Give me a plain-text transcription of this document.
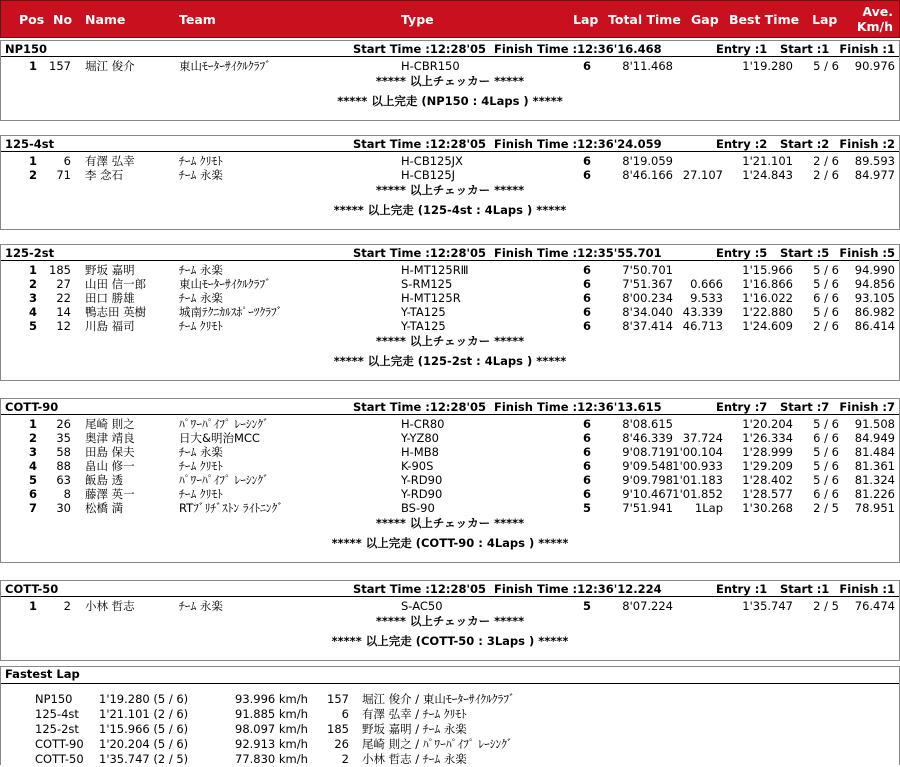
Pos No Name	Team	Type	Lap Total Time Gap Best Time Lap
Ave.
Km/h
NP150	Start Time :12:28'05 Finish Time :12:36'16.468	Entry :1 Start :1 Finish :1
1 157 堀江 俊介	東山ﾓｰﾀｰｻｲｸﾙｸﾗﾌﾞ	H-CBR150	6	8'11.468	1'19.280 5 / 6 90.976
***** 以上チェッカー *****
***** 以上完走 (NP150 : 4Laps ) *****
125-4st	Start Time :12:28'05 Finish Time :12:36'24.059	Entry :2 Start :2 Finish :2
1 6 有澤 弘幸	ﾁｰﾑ ｸﾘﾓﾄ	H-CB125JX	6	8'19.059	1'21.101 2 / 6 89.593
2 71 李 念石	ﾁｰﾑ 永楽	H-CB125J	6	8'46.166 27.107 1'24.843 2 / 6 84.977
***** 以上チェッカー *****
***** 以上完走 (125-4st : 4Laps ) *****
125-2st	Start Time :12:28'05 Finish Time :12:35'55.701	Entry :5 Start :5 Finish :5
1 185 野坂 嘉明	ﾁｰﾑ 永楽	H-MT125RⅢ	6	7'50.701	1'15.966 5 / 6 94.990
2 27 山田 信一郎	東山ﾓｰﾀｰｻｲｸﾙｸﾗﾌﾞ	S-RM125	6	7'51.367 0.666 1'16.866 5 / 6 94.856
3 22 田口 勝雄	ﾁｰﾑ 永楽	H-MT125R	6	8'00.234 9.533 1'16.022 6 / 6 93.105
4 14 鴨志田 英樹	城南ﾃｸﾆｶﾙｽﾎﾟｰﾂｸﾗﾌﾞ	Y-TA125	6	8'34.040 43.339 1'22.880 5 / 6 86.982
5 12 川島 福司	ﾁｰﾑ ｸﾘﾓﾄ	Y-TA125	6	8'37.414 46.713 1'24.609 2 / 6 86.414
***** 以上チェッカー *****
***** 以上完走 (125-2st : 4Laps ) *****
COTT-90	Start Time :12:28'05 Finish Time :12:36'13.615	Entry :7 Start :7 Finish :7
1 26 尾崎 則之	ﾊﾟﾜｰﾊﾟｲﾌﾟ ﾚｰｼﾝｸﾞ	H-CR80	6	8'08.615	1'20.204 5 / 6 91.508
2 35 奥津 靖良	日大&明治MCC	Y-YZ80	6	8'46.339 37.724 1'26.334 6 / 6 84.949
3 58 田島 保夫	ﾁｰﾑ 永楽	H-MB8	6	9'08.719 1'00.104 1'28.999 5 / 6 81.484
4 88 畠山 修一	ﾁｰﾑ ｸﾘﾓﾄ	K-90S	6	9'09.548 1'00.933 1'29.209 5 / 6 81.361
5 63 飯島 透	ﾊﾟﾜｰﾊﾟｲﾌﾟ ﾚｰｼﾝｸﾞ	Y-RD90	6	9'09.798 1'01.183 1'28.402 5 / 6 81.324
6 8 藤澤 英一	ﾁｰﾑ ｸﾘﾓﾄ	Y-RD90	6	9'10.467 1'01.852 1'28.577 6 / 6 81.226
7 30 松橋 満	RTﾌﾞﾘﾁﾞｽﾄﾝ ﾗｲﾄﾆﾝｸﾞ	BS-90	5	7'51.941 1Lap 1'30.268 2 / 5 78.951
***** 以上チェッカー *****
***** 以上完走 (COTT-90 : 4Laps ) *****
COTT-50	Start Time :12:28'05 Finish Time :12:36'12.224	Entry :1 Start :1 Finish :1
1 2 小林 哲志	ﾁｰﾑ 永楽	S-AC50	5	8'07.224	1'35.747 2 / 5 76.474
***** 以上チェッカー *****
***** 以上完走 (COTT-50 : 3Laps ) *****
Fastest Lap
NP150 1'19.280 (5 / 6)	93.996 km/h 157 堀江 俊介 / 東山ﾓｰﾀｰｻｲｸﾙｸﾗﾌﾞ
125-4st 1'21.101 (2 / 6)	91.885 km/h	6 有澤 弘幸 / ﾁｰﾑ ｸﾘﾓﾄ
125-2st 1'15.966 (5 / 6)	98.097 km/h 185 野坂 嘉明 / ﾁｰﾑ 永楽
COTT-90 1'20.204 (5 / 6)	92.913 km/h 26 尾崎 則之 / ﾊﾟﾜｰﾊﾟｲﾌﾟ ﾚｰｼﾝｸﾞ
COTT-50 1'35.747 (2 / 5)	77.830 km/h	2 小林 哲志 / ﾁｰﾑ 永楽
